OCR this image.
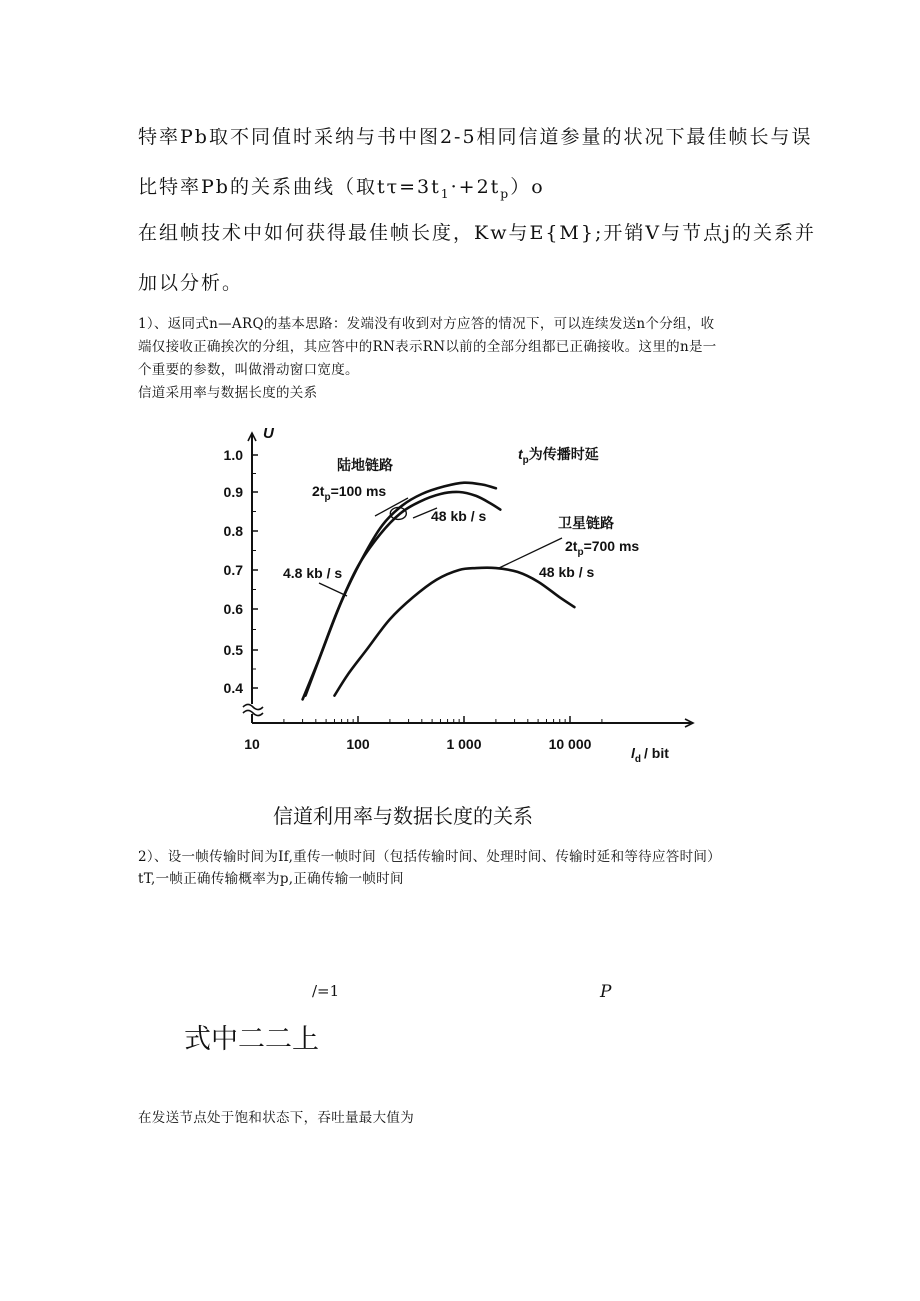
特率Pb取不同值时采纳与书中图2-5相同信道参量的状况下最佳帧长与误
比特率Pb的关系曲线（取$t\tau=3t_1\cdot+2t_p)o$
在组帧技术中如何获得最佳帧长度，Kw与E{M};开销V与节点j的关系并
加以分析。
1）、返同式n—ARQ的基本思路：发端没有收到对方应答的情况下，可以连续发送n个分组，收
端仅接收正确挨次的分组，其应答中的RN表示RN以前的全部分组都已正确接收。这里的n是一
个重要的参数，叫做滑动窗口宽度。
信道采用率与数据长度的关系
1.0
0.9
0.8
0.7
0.6
0.5
0.4
10	100	1 000	10 000
U
$l_d$ / bit
$t_p$为传播时延
陆地链路
$2t_p=100$ ms
48 kb / s
4.8 kb / s
卫星链路
$2t_p=700$ ms
48 kb / s
信道利用率与数据长度的关系
2）、设一帧传输时间为If,重传一帧时间（包括传输时间、处理时间、传输时延和等待应答时间）
tT,一帧正确传输概率为p,正确传输一帧时间
/=1	P
式中二二上
在发送节点处于饱和状态下，吞吐量最大值为
